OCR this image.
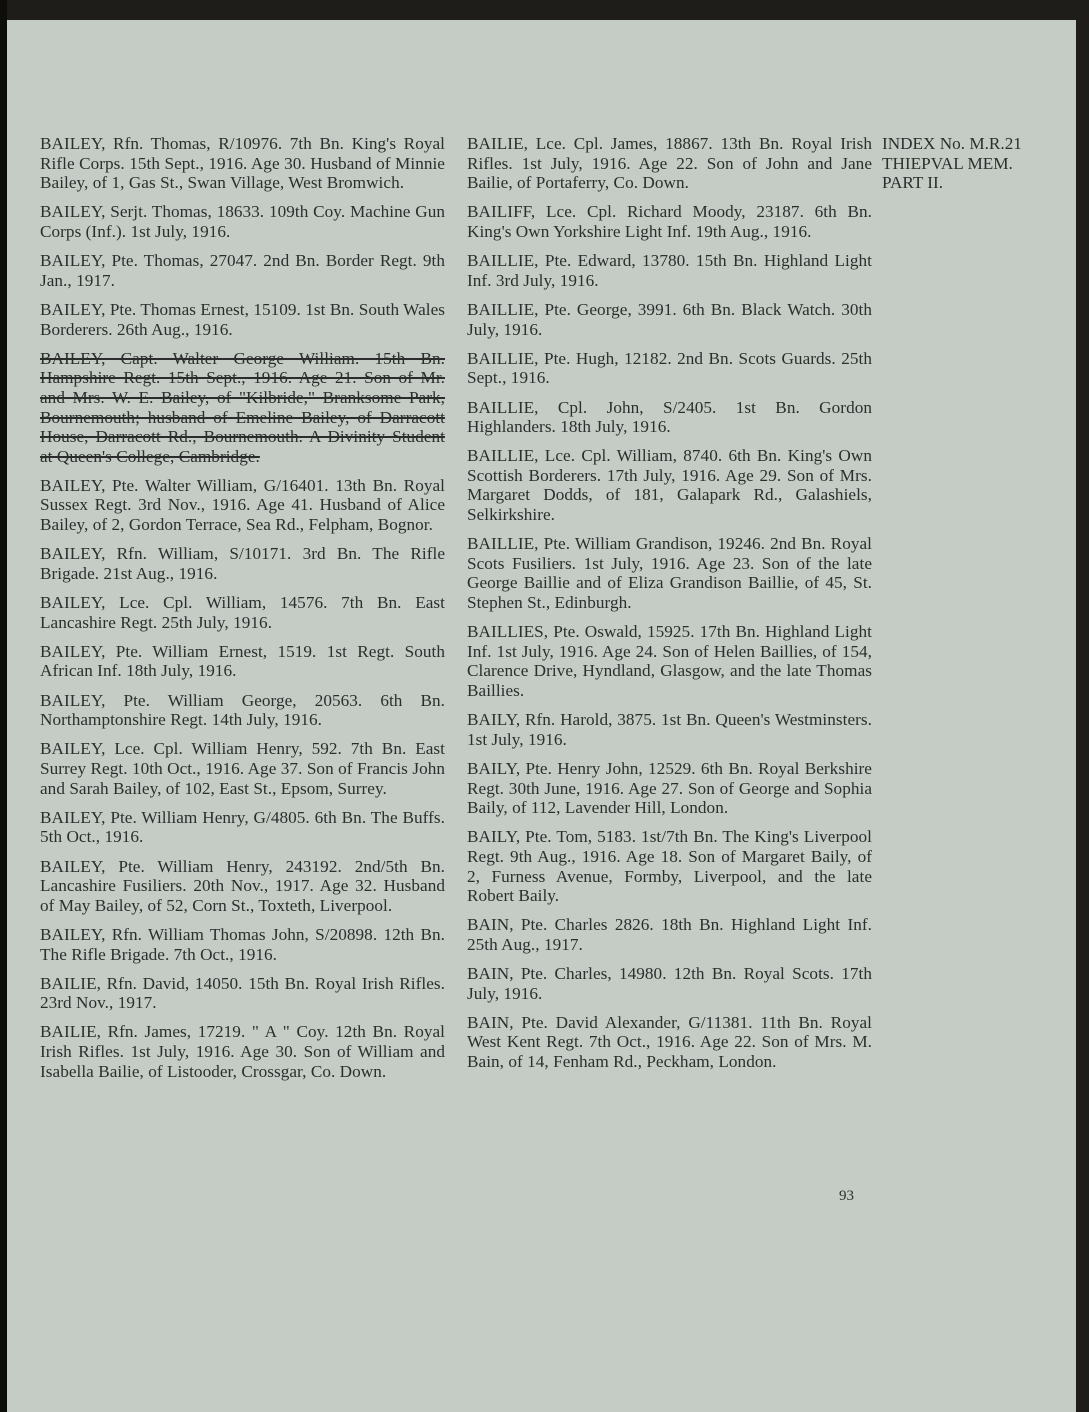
BAILEY, Rfn. Thomas, R/10976. 7th Bn. King's Royal Rifle Corps. 15th Sept., 1916. Age 30. Husband of Minnie Bailey, of 1, Gas St., Swan Village, West Bromwich.

BAILEY, Serjt. Thomas, 18633. 109th Coy. Machine Gun Corps (Inf.). 1st July, 1916.

BAILEY, Pte. Thomas, 27047. 2nd Bn. Border Regt. 9th Jan., 1917.

BAILEY, Pte. Thomas Ernest, 15109. 1st Bn. South Wales Borderers. 26th Aug., 1916.

BAILEY, Capt. Walter George William. 15th Bn. Hampshire Regt. 15th Sept., 1916. Age 21. Son of Mr. and Mrs. W. E. Bailey, of "Kilbride," Branksome Park, Bournemouth; husband of Emeline Bailey, of Darracott House, Darracott Rd., Bournemouth. A Divinity Student at Queen's College, Cambridge.

BAILEY, Pte. Walter William, G/16401. 13th Bn. Royal Sussex Regt. 3rd Nov., 1916. Age 41. Husband of Alice Bailey, of 2, Gordon Terrace, Sea Rd., Felpham, Bognor.

BAILEY, Rfn. William, S/10171. 3rd Bn. The Rifle Brigade. 21st Aug., 1916.

BAILEY, Lce. Cpl. William, 14576. 7th Bn. East Lancashire Regt. 25th July, 1916.

BAILEY, Pte. William Ernest, 1519. 1st Regt. South African Inf. 18th July, 1916.

BAILEY, Pte. William George, 20563. 6th Bn. Northamptonshire Regt. 14th July, 1916.

BAILEY, Lce. Cpl. William Henry, 592. 7th Bn. East Surrey Regt. 10th Oct., 1916. Age 37. Son of Francis John and Sarah Bailey, of 102, East St., Epsom, Surrey.

BAILEY, Pte. William Henry, G/4805. 6th Bn. The Buffs. 5th Oct., 1916.

BAILEY, Pte. William Henry, 243192. 2nd/5th Bn. Lancashire Fusiliers. 20th Nov., 1917. Age 32. Husband of May Bailey, of 52, Corn St., Toxteth, Liverpool.

BAILEY, Rfn. William Thomas John, S/20898. 12th Bn. The Rifle Brigade. 7th Oct., 1916.

BAILIE, Rfn. David, 14050. 15th Bn. Royal Irish Rifles. 23rd Nov., 1917.

BAILIE, Rfn. James, 17219. " A " Coy. 12th Bn. Royal Irish Rifles. 1st July, 1916. Age 30. Son of William and Isabella Bailie, of Listooder, Crossgar, Co. Down.

BAILIE, Lce. Cpl. James, 18867. 13th Bn. Royal Irish Rifles. 1st July, 1916. Age 22. Son of John and Jane Bailie, of Portaferry, Co. Down.

BAILIFF, Lce. Cpl. Richard Moody, 23187. 6th Bn. King's Own Yorkshire Light Inf. 19th Aug., 1916.

BAILLIE, Pte. Edward, 13780. 15th Bn. Highland Light Inf. 3rd July, 1916.

BAILLIE, Pte. George, 3991. 6th Bn. Black Watch. 30th July, 1916.

BAILLIE, Pte. Hugh, 12182. 2nd Bn. Scots Guards. 25th Sept., 1916.

BAILLIE, Cpl. John, S/2405. 1st Bn. Gordon Highlanders. 18th July, 1916.

BAILLIE, Lce. Cpl. William, 8740. 6th Bn. King's Own Scottish Borderers. 17th July, 1916. Age 29. Son of Mrs. Margaret Dodds, of 181, Galapark Rd., Galashiels, Selkirkshire.

BAILLIE, Pte. William Grandison, 19246. 2nd Bn. Royal Scots Fusiliers. 1st July, 1916. Age 23. Son of the late George Baillie and of Eliza Grandison Baillie, of 45, St. Stephen St., Edinburgh.

BAILLIES, Pte. Oswald, 15925. 17th Bn. Highland Light Inf. 1st July, 1916. Age 24. Son of Helen Baillies, of 154, Clarence Drive, Hyndland, Glasgow, and the late Thomas Baillies.

BAILY, Rfn. Harold, 3875. 1st Bn. Queen's Westminsters. 1st July, 1916.

BAILY, Pte. Henry John, 12529. 6th Bn. Royal Berkshire Regt. 30th June, 1916. Age 27. Son of George and Sophia Baily, of 112, Lavender Hill, London.

BAILY, Pte. Tom, 5183. 1st/7th Bn. The King's Liverpool Regt. 9th Aug., 1916. Age 18. Son of Margaret Baily, of 2, Furness Avenue, Formby, Liverpool, and the late Robert Baily.

BAIN, Pte. Charles 2826. 18th Bn. Highland Light Inf. 25th Aug., 1917.

BAIN, Pte. Charles, 14980. 12th Bn. Royal Scots. 17th July, 1916.

BAIN, Pte. David Alexander, G/11381. 11th Bn. Royal West Kent Regt. 7th Oct., 1916. Age 22. Son of Mrs. M. Bain, of 14, Fenham Rd., Peckham, London.

INDEX No. M.R.21
THIEPVAL MEM.
PART II.
93
